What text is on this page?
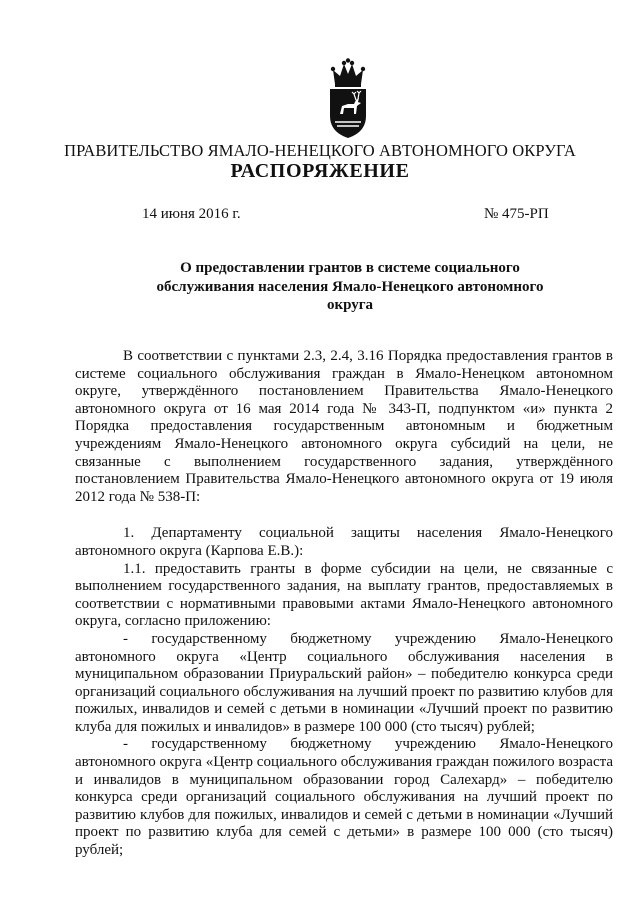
ПРАВИТЕЛЬСТВО ЯМАЛО-НЕНЕЦКОГО АВТОНОМНОГО ОКРУГА
РАСПОРЯЖЕНИЕ
14 июня 2016 г.	№ 475-РП
О предоставлении грантов в системе социального обслуживания населения Ямало-Ненецкого автономного округа

В соответствии с пунктами 2.3, 2.4, 3.16 Порядка предоставления грантов в системе социального обслуживания граждан в Ямало-Ненецком автономном округе, утверждённого постановлением Правительства Ямало-Ненецкого автономного округа от 16 мая 2014 года № 343-П, подпунктом «и» пункта 2 Порядка предоставления государственным автономным и бюджетным учреждениям Ямало-Ненецкого автономного округа субсидий на цели, не связанные с выполнением государственного задания, утверждённого постановлением Правительства Ямало-Ненецкого автономного округа от 19 июля 2012 года № 538-П:

1. Департаменту социальной защиты населения Ямало-Ненецкого автономного округа (Карпова Е.В.):

1.1. предоставить гранты в форме субсидии на цели, не связанные с выполнением государственного задания, на выплату грантов, предоставляемых в соответствии с нормативными правовыми актами Ямало-Ненецкого автономного округа, согласно приложению:

- государственному бюджетному учреждению Ямало-Ненецкого автономного округа «Центр социального обслуживания населения в муниципальном образовании Приуральский район» – победителю конкурса среди организаций социального обслуживания на лучший проект по развитию клубов для пожилых, инвалидов и семей с детьми в номинации «Лучший проект по развитию клуба для пожилых и инвалидов» в размере 100 000 (сто тысяч) рублей;

- государственному бюджетному учреждению Ямало-Ненецкого автономного округа «Центр социального обслуживания граждан пожилого возраста и инвалидов в муниципальном образовании город Салехард» – победителю конкурса среди организаций социального обслуживания на лучший проект по развитию клубов для пожилых, инвалидов и семей с детьми в номинации «Лучший проект по развитию клуба для семей с детьми» в размере 100 000 (сто тысяч) рублей;
